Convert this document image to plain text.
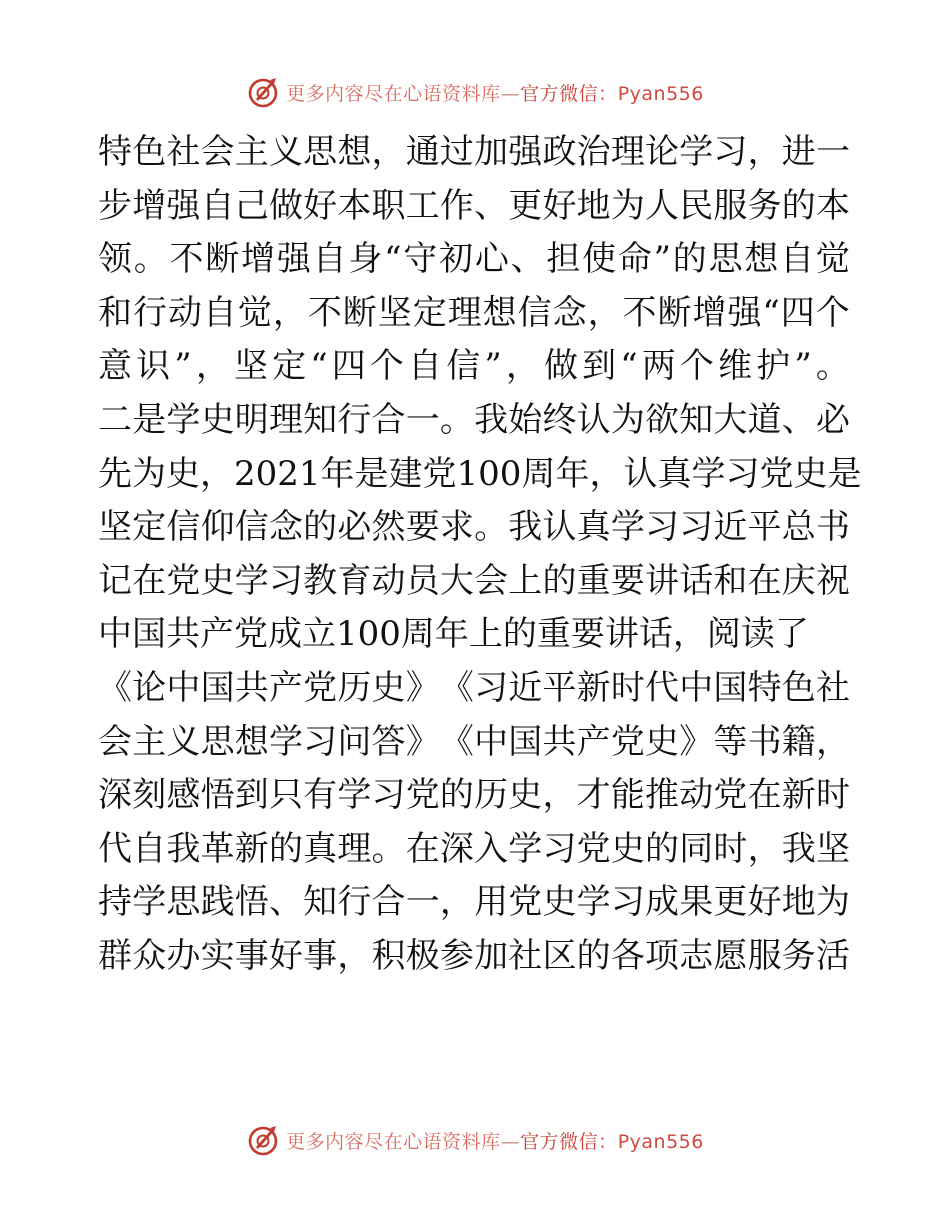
更多内容尽在心语资料库—官方微信：Pyan556
特 色 社 会 主 义 思 想 ， 通 过 加 强 政 治 理 论 学 习 ， 进 一
步 增 强 自 己 做 好 本 职 工 作 、 更 好 地 为 人 民 服 务 的 本
领 。 不 断 增 强 自 身 “ 守 初 心 、 担 使 命 ” 的 思 想 自 觉
和 行 动 自 觉 ， 不 断 坚 定 理 想 信 念 ， 不 断 增 强 “ 四 个
意 识 ” ， 坚 定 “ 四 个 自 信 ” ， 做 到 “ 两 个 维 护 ” 。
二 是 学 史 明 理 知 行 合 一 。 我 始 终 认 为 欲 知 大 道 、 必
先 为 史 ， 2021 年 是 建 党 100 周 年 ， 认 真 学 习 党 史 是
坚 定 信 仰 信 念 的 必 然 要 求 。 我 认 真 学 习 习 近 平 总 书
记 在 党 史 学 习 教 育 动 员 大 会 上 的 重 要 讲 话 和 在 庆 祝
中 国 共 产 党 成 立 100 周 年 上 的 重 要 讲 话 ， 阅 读 了
《 论 中 国 共 产 党 历 史 》 《 习 近 平 新 时 代 中 国 特 色 社
会 主 义 思 想 学 习 问 答 》 《 中 国 共 产 党 史 》 等 书 籍 ，
深 刻 感 悟 到 只 有 学 习 党 的 历 史 ， 才 能 推 动 党 在 新 时
代 自 我 革 新 的 真 理 。 在 深 入 学 习 党 史 的 同 时 ， 我 坚
持 学 思 践 悟 、 知 行 合 一 ， 用 党 史 学 习 成 果 更 好 地 为
群 众 办 实 事 好 事 ， 积 极 参 加 社 区 的 各 项 志 愿 服 务 活
更多内容尽在心语资料库—官方微信：Pyan556
